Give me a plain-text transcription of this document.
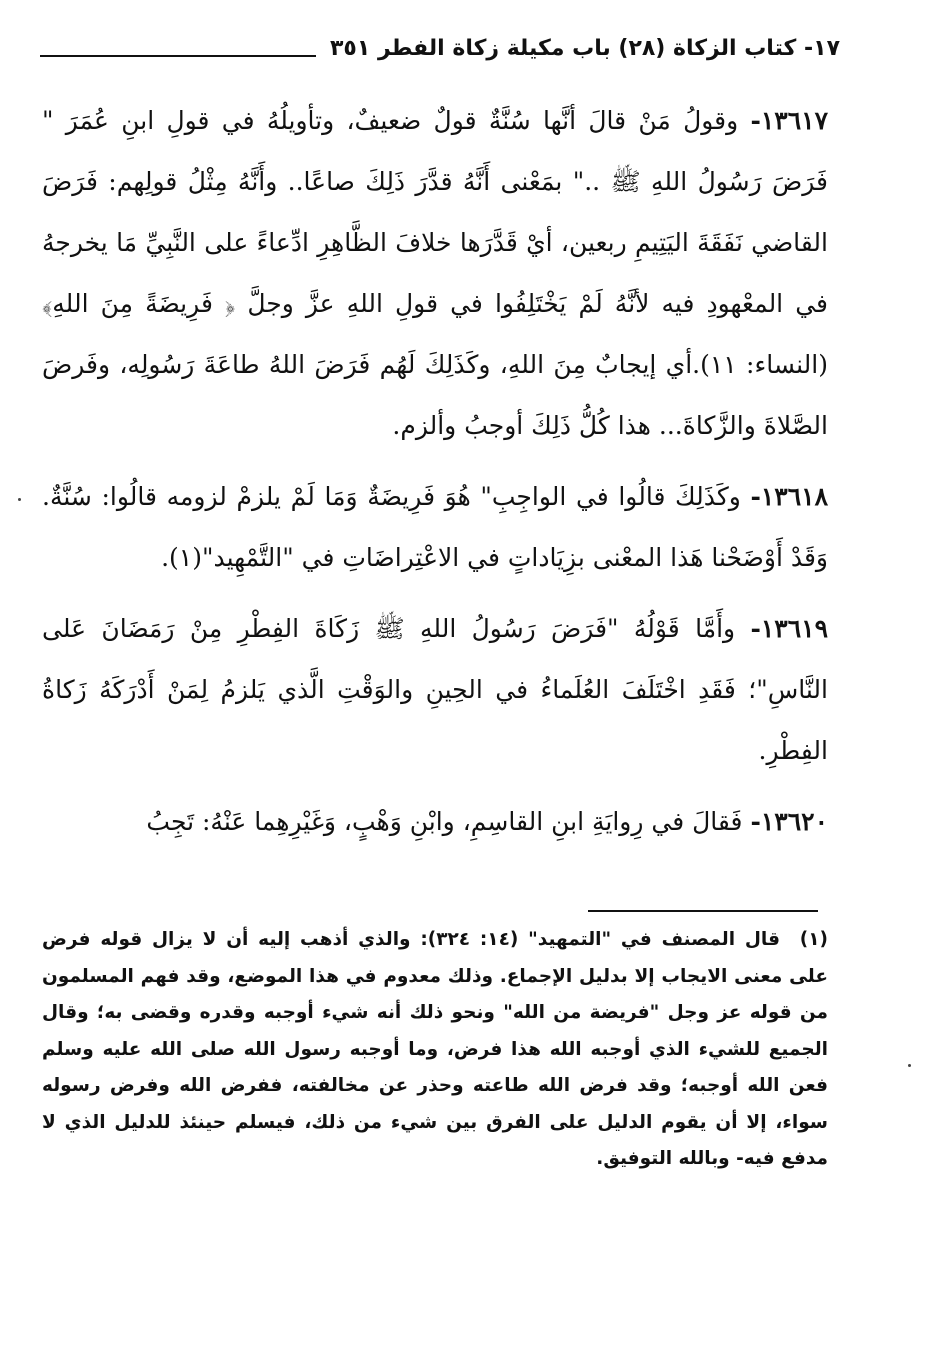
١٧- كتاب الزكاة (٢٨) باب مكيلة زكاة الفطر ٣٥١

١٣٦١٧- وقولُ مَنْ قالَ أنَّها سُنَّةٌ قولٌ ضعيفٌ، وتأويلُهُ في قولِ ابنِ عُمَرَ " فَرَضَ رَسُولُ اللهِ ﷺ .." بمَعْنى أَنَّهُ قدَّرَ ذَلِكَ صاعًا.. وأَنَّهُ مِثْلُ قولِهم: فَرَضَ القاضي نَفَقَةَ اليَتِيمِ ربعين، أيْ قَدَّرَها خلافَ الظَّاهِرِ ادِّعاءً على النَّبِيِّ مَا يخرجهُ في المعْهودِ فيه لأنَّهُ لَمْ يَخْتَلِفُوا في قولِ اللهِ عزَّ وجلَّ ﴿ فَرِيضَةً مِنَ اللهِ﴾ (النساء: ١١).أي إيجابٌ مِنَ اللهِ، وكَذَلِكَ لَهُم فَرَضَ اللهُ طاعَةَ رَسُولِه، وفَرضَ الصَّلاةَ والزَّكاةَ... هذا كُلُّ ذَلِكَ أوجبُ وألزم.

١٣٦١٨- وكَذَلِكَ قالُوا في الواجِبِ" هُوَ فَرِيضَةٌ وَمَا لَمْ يلزمْ لزومه قالُوا: سُنَّةٌ. وَقَدْ أَوْضَحْنا هَذا المعْنى بزِيَاداتٍ في الاعْتِراضَاتِ في "التَّمْهِيد"(١).

١٣٦١٩- وأَمَّا قَوْلُهُ "فَرَضَ رَسُولُ اللهِ ﷺ زَكَاةَ الفِطْرِ مِنْ رَمَضَانَ عَلى النَّاسِ"؛ فَقَدِ اخْتَلَفَ العُلَماءُ في الحِينِ والوَقْتِ الَّذي يَلزمُ لِمَنْ أَدْرَكَهُ زَكاةُ الفِطْرِ.

١٣٦٢٠- فَقالَ في رِوايَةِ ابنِ القاسِمِ، وابْنِ وَهْبٍ، وَغَيْرِهِما عَنْهُ: تَجِبُ

(١)قال المصنف في "التمهيد" (١٤: ٣٢٤): والذي أذهب إليه أن لا يزال قوله فرض على معنى الايجاب إلا بدليل الإجماع. وذلك معدوم في هذا الموضع، وقد فهم المسلمون من قوله عز وجل "فريضة من الله" ونحو ذلك أنه شيء أوجبه وقدره وقضى به؛ وقال الجميع للشيء الذي أوجبه الله هذا فرض، وما أوجبه رسول الله صلى الله عليه وسلم فعن الله أوجبه؛ وقد فرض الله طاعته وحذر عن مخالفته، ففرض الله وفرض رسوله سواء، إلا أن يقوم الدليل على الفرق بين شيء من ذلك، فيسلم حينئذ للدليل الذي لا مدفع فيه- وبالله التوفيق.
